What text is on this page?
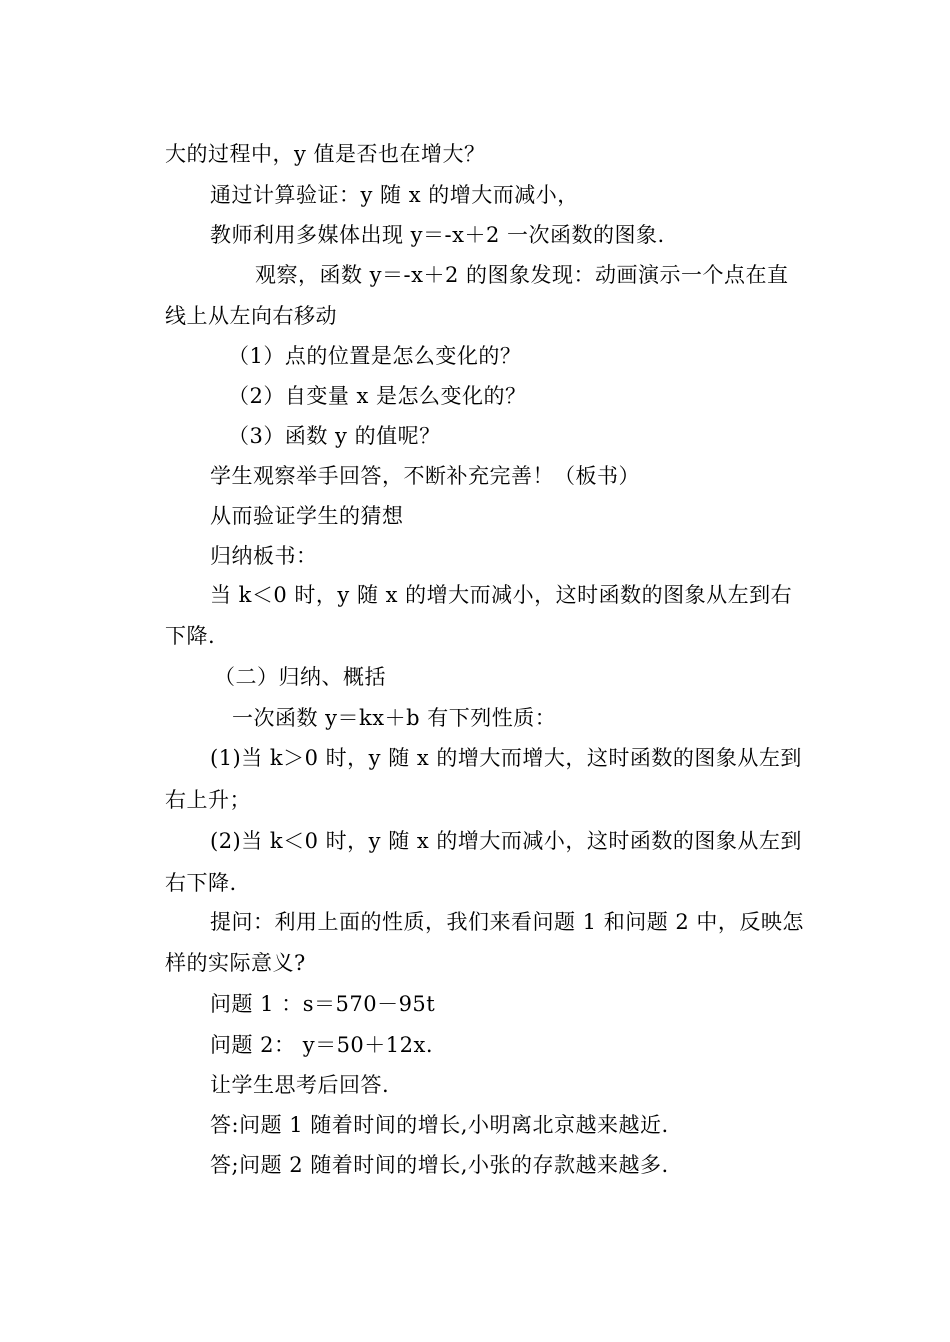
大的过程中，y 值是否也在增大？
通过计算验证：y 随 x 的增大而减小，
教师利用多媒体出现 y＝-x＋2 一次函数的图象.
观察，函数 y＝-x＋2 的图象发现：动画演示一个点在直
线上从左向右移动
（1）点的位置是怎么变化的？
（2）自变量 x 是怎么变化的？
（3）函数 y 的值呢？
学生观察举手回答，不断补充完善！（板书）
从而验证学生的猜想
归纳板书：
当 k＜0 时，y 随 x 的增大而减小，这时函数的图象从左到右
下降.
（二）归纳、概括
一次函数 y＝kx＋b 有下列性质：
(1)当 k＞0 时，y 随 x 的增大而增大，这时函数的图象从左到
右上升；
(2)当 k＜0 时，y 随 x 的增大而减小，这时函数的图象从左到
右下降.
提问：利用上面的性质，我们来看问题 1 和问题 2 中，反映怎
样的实际意义?
问题 1 ：s＝570－95t
问题 2： y＝50＋12x.
让学生思考后回答.
答:问题 1 随着时间的增长,小明离北京越来越近.
答;问题 2 随着时间的增长,小张的存款越来越多.
